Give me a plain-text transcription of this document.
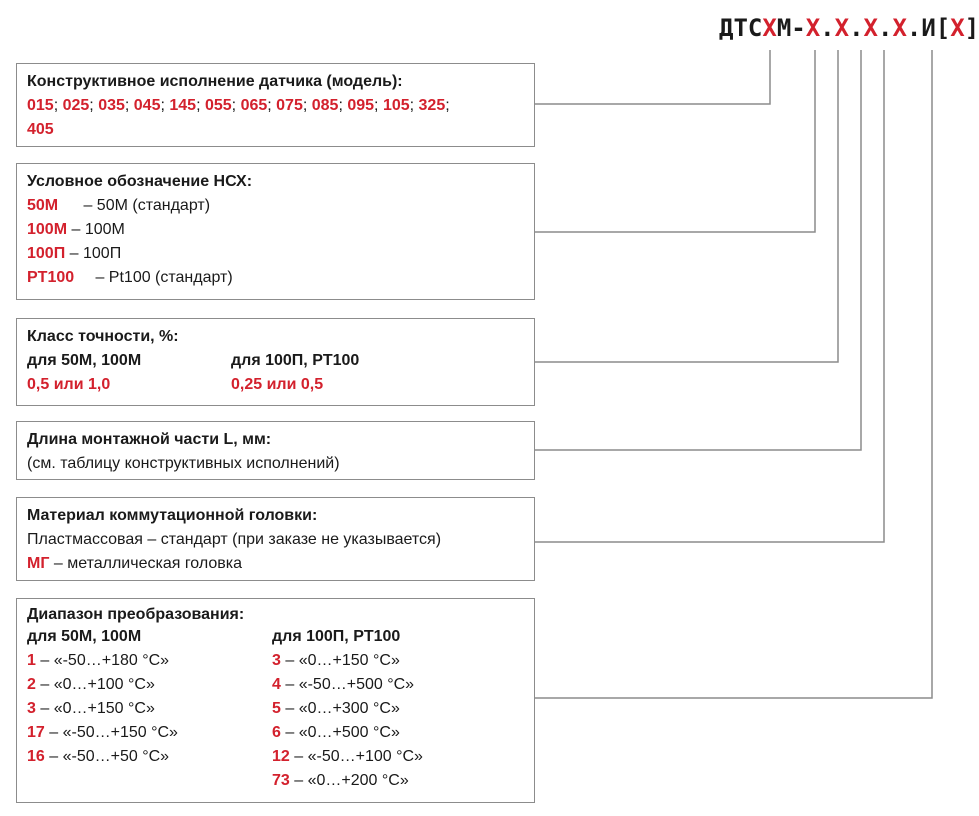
ДТСХМ-Х.Х.Х.Х.И[Х]
Конструктивное исполнение датчика (модель):
015; 025; 035; 045; 145; 055; 065; 075; 085; 095; 105; 325; 405
Условное обозначение НСХ:
50М – 50М (стандарт)
100М – 100М
100П – 100П
PT100 – Pt100 (стандарт)
Класс точности, %:
для 50М, 100М
0,5 или 1,0
для 100П, PT100
0,25 или 0,5
Длина монтажной части L, мм:
(см. таблицу конструктивных исполнений)
Материал коммутационной головки:
Пластмассовая – стандарт (при заказе не указывается)
МГ – металлическая головка
Диапазон преобразования:
для 50М, 100М
1 – «-50…+180 °С»
2 – «0…+100 °С»
3 – «0…+150 °С»
17 – «-50…+150 °С»
16 – «-50…+50 °С»
для 100П, PT100
3 – «0…+150 °С»
4 – «-50…+500 °С»
5 – «0…+300 °С»
6 – «0…+500 °С»
12 – «-50…+100 °С»
73 – «0…+200 °С»
